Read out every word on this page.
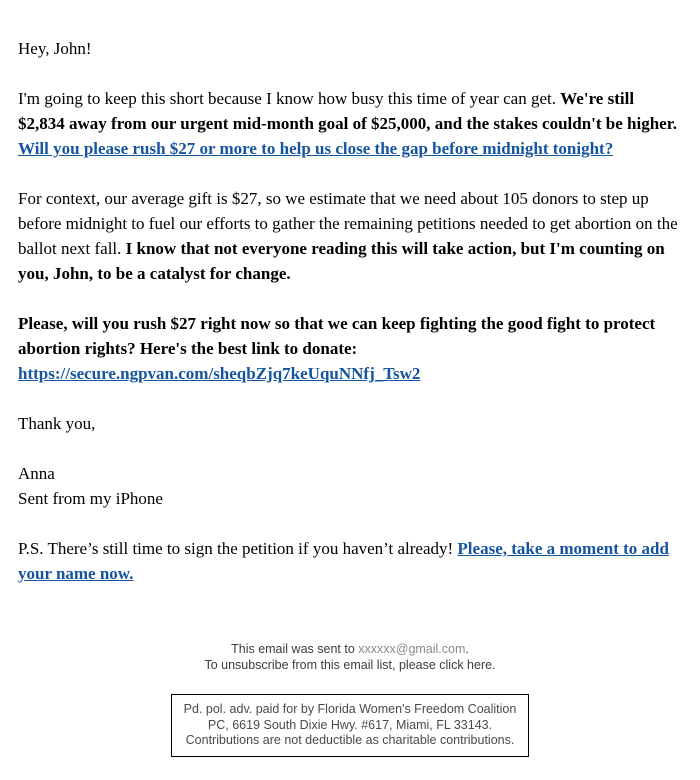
Hey, John!

I'm going to keep this short because I know how busy this time of year can get. We're still $2,834 away from our urgent mid-month goal of $25,000, and the stakes couldn't be higher. Will you please rush $27 or more to help us close the gap before midnight tonight?

For context, our average gift is $27, so we estimate that we need about 105 donors to step up before midnight to fuel our efforts to gather the remaining petitions needed to get abortion on the ballot next fall. I know that not everyone reading this will take action, but I'm counting on you, John, to be a catalyst for change.

Please, will you rush $27 right now so that we can keep fighting the good fight to protect abortion rights? Here's the best link to donate:
https://secure.ngpvan.com/sheqbZjq7keUquNNfj_Tsw2

Thank you,

Anna
Sent from my iPhone

P.S. There’s still time to sign the petition if you haven’t already! Please, take a moment to add your name now.

This email was sent to xxxxxx@gmail.com.
To unsubscribe from this email list, please click here.
Pd. pol. adv. paid for by Florida Women's Freedom Coalition PC, 6619 South Dixie Hwy. #617, Miami, FL 33143. Contributions are not deductible as charitable contributions.
